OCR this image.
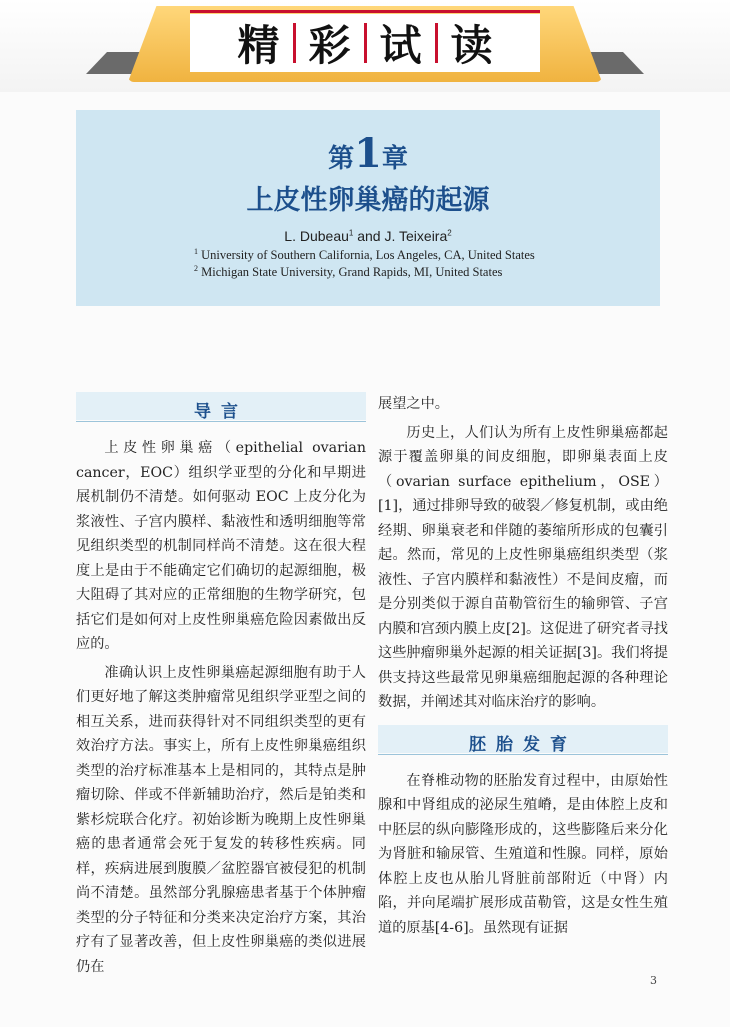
精 彩 试 读
第1章
上皮性卵巢癌的起源
L. Dubeau$^1$ and J. Teixeira$^2$
$^1$ University of Southern California, Los Angeles, CA, United States
$^2$ Michigan State University, Grand Rapids, MI, United States
导言

上皮性卵巢癌（epithelial ovarian cancer，EOC）组织学亚型的分化和早期进展机制仍不清楚。如何驱动 EOC 上皮分化为浆液性、子宫内膜样、黏液性和透明细胞等常见组织类型的机制同样尚不清楚。这在很大程度上是由于不能确定它们确切的起源细胞，极大阻碍了其对应的正常细胞的生物学研究，包括它们是如何对上皮性卵巢癌危险因素做出反应的。

准确认识上皮性卵巢癌起源细胞有助于人们更好地了解这类肿瘤常见组织学亚型之间的相互关系，进而获得针对不同组织类型的更有效治疗方法。事实上，所有上皮性卵巢癌组织类型的治疗标准基本上是相同的，其特点是肿瘤切除、伴或不伴新辅助治疗，然后是铂类和紫杉烷联合化疗。初始诊断为晚期上皮性卵巢癌的患者通常会死于复发的转移性疾病。同样，疾病进展到腹膜／盆腔器官被侵犯的机制尚不清楚。虽然部分乳腺癌患者基于个体肿瘤类型的分子特征和分类来决定治疗方案，其治疗有了显著改善，但上皮性卵巢癌的类似进展仍在

展望之中。

历史上，人们认为所有上皮性卵巢癌都起源于覆盖卵巢的间皮细胞，即卵巢表面上皮（ovarian surface epithelium，OSE）[1]，通过排卵导致的破裂／修复机制，或由绝经期、卵巢衰老和伴随的萎缩所形成的包囊引起。然而，常见的上皮性卵巢癌组织类型（浆液性、子宫内膜样和黏液性）不是间皮瘤，而是分别类似于源自苗勒管衍生的输卵管、子宫内膜和宫颈内膜上皮[2]。这促进了研究者寻找这些肿瘤卵巢外起源的相关证据[3]。我们将提供支持这些最常见卵巢癌细胞起源的各种理论数据，并阐述其对临床治疗的影响。

胚胎发育

在脊椎动物的胚胎发育过程中，由原始性腺和中肾组成的泌尿生殖嵴，是由体腔上皮和中胚层的纵向膨隆形成的，这些膨隆后来分化为肾脏和输尿管、生殖道和性腺。同样，原始体腔上皮也从胎儿肾脏前部附近（中肾）内陷，并向尾端扩展形成苗勒管，这是女性生殖道的原基[4-6]。虽然现有证据

3
